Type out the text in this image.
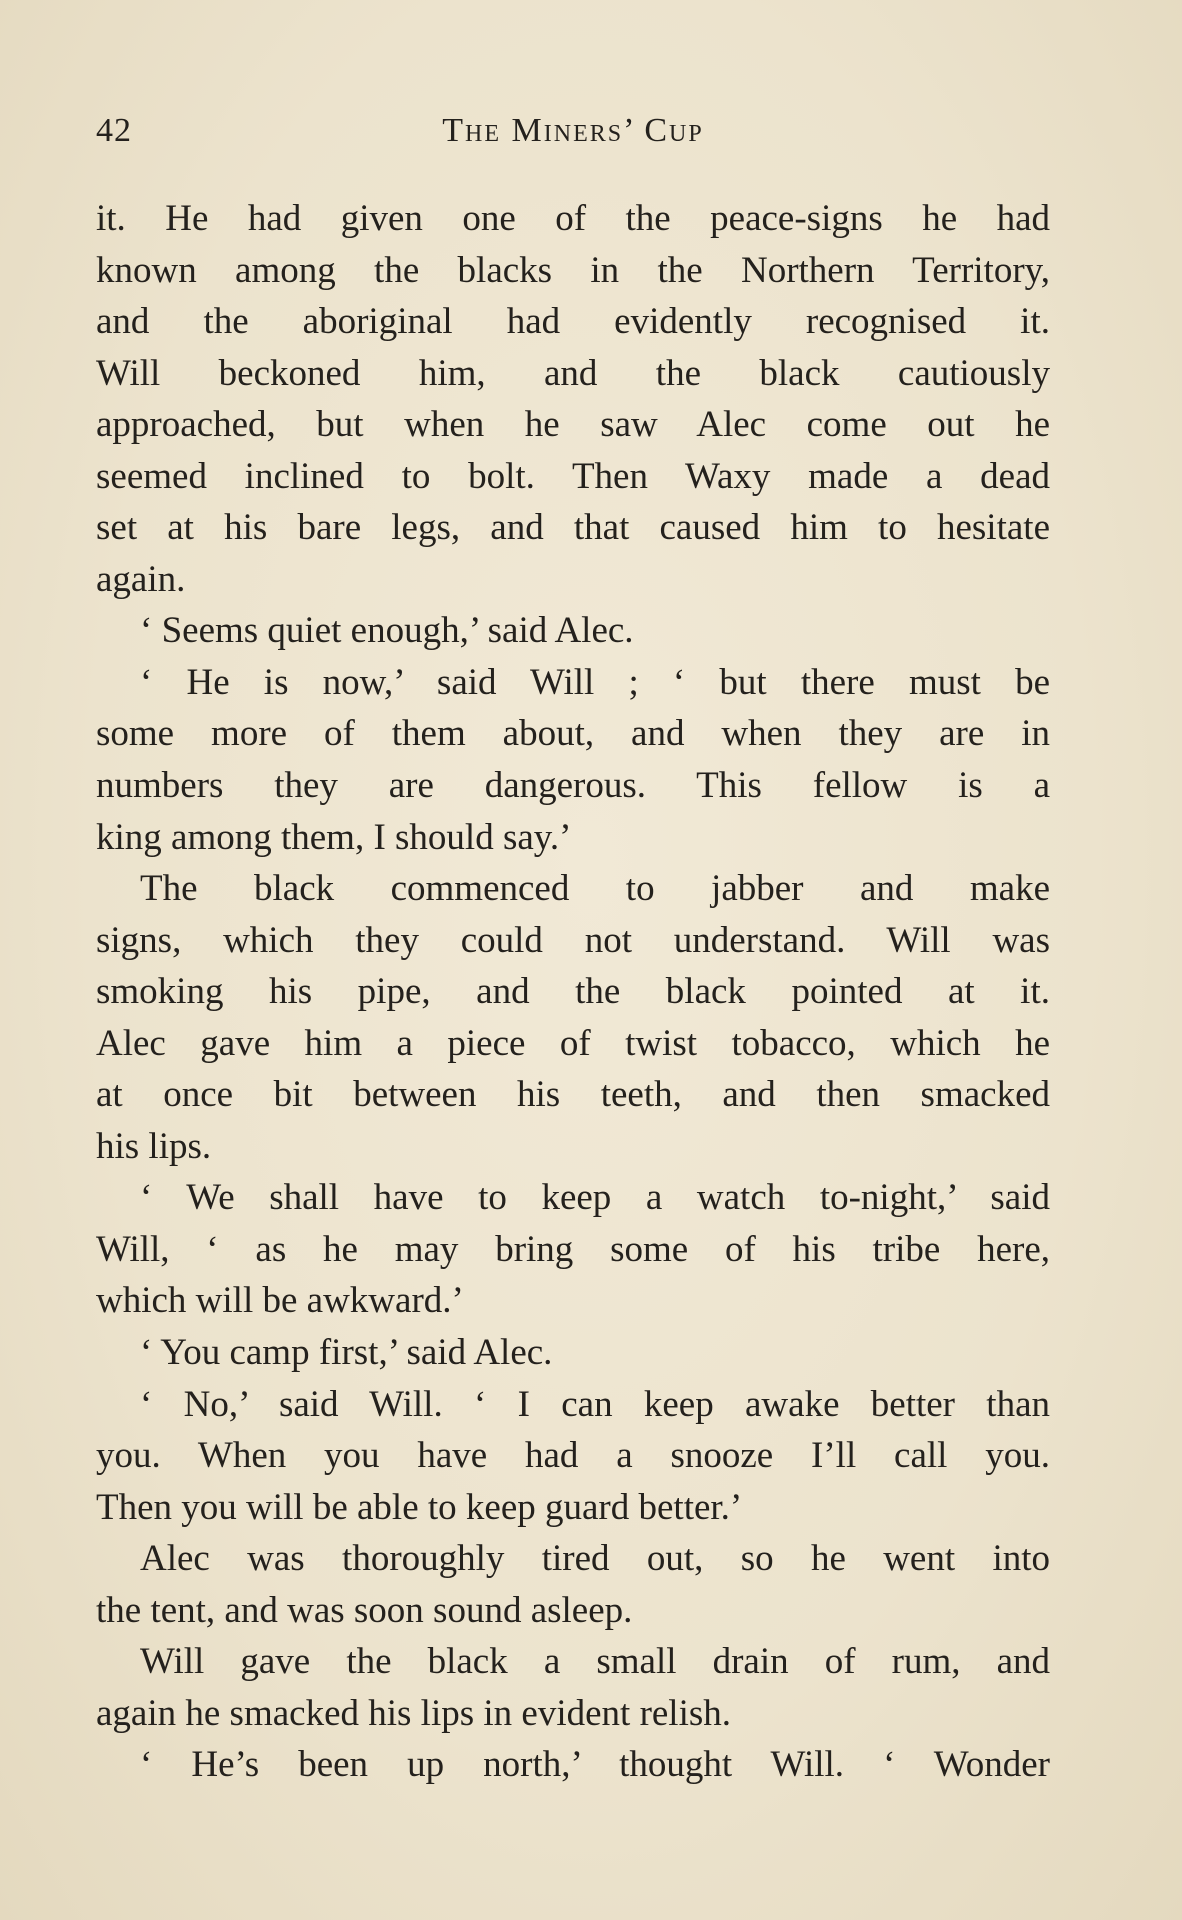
42	The Miners’ Cup
it. He had given one of the peace-signs he had
known among the blacks in the Northern Territory,
and the aboriginal had evidently recognised it.
Will beckoned him, and the black cautiously
approached, but when he saw Alec come out he
seemed inclined to bolt. Then Waxy made a dead
set at his bare legs, and that caused him to hesitate
again.
‘ Seems quiet enough,’ said Alec.
‘ He is now,’ said Will ; ‘ but there must be
some more of them about, and when they are in
numbers they are dangerous. This fellow is a
king among them, I should say.’
The black commenced to jabber and make
signs, which they could not understand. Will was
smoking his pipe, and the black pointed at it.
Alec gave him a piece of twist tobacco, which he
at once bit between his teeth, and then smacked
his lips.
‘ We shall have to keep a watch to-night,’ said
Will, ‘ as he may bring some of his tribe here,
which will be awkward.’
‘ You camp first,’ said Alec.
‘ No,’ said Will. ‘ I can keep awake better than
you. When you have had a snooze I’ll call you.
Then you will be able to keep guard better.’
Alec was thoroughly tired out, so he went into
the tent, and was soon sound asleep.
Will gave the black a small drain of rum, and
again he smacked his lips in evident relish.
‘ He’s been up north,’ thought Will. ‘ Wonder
